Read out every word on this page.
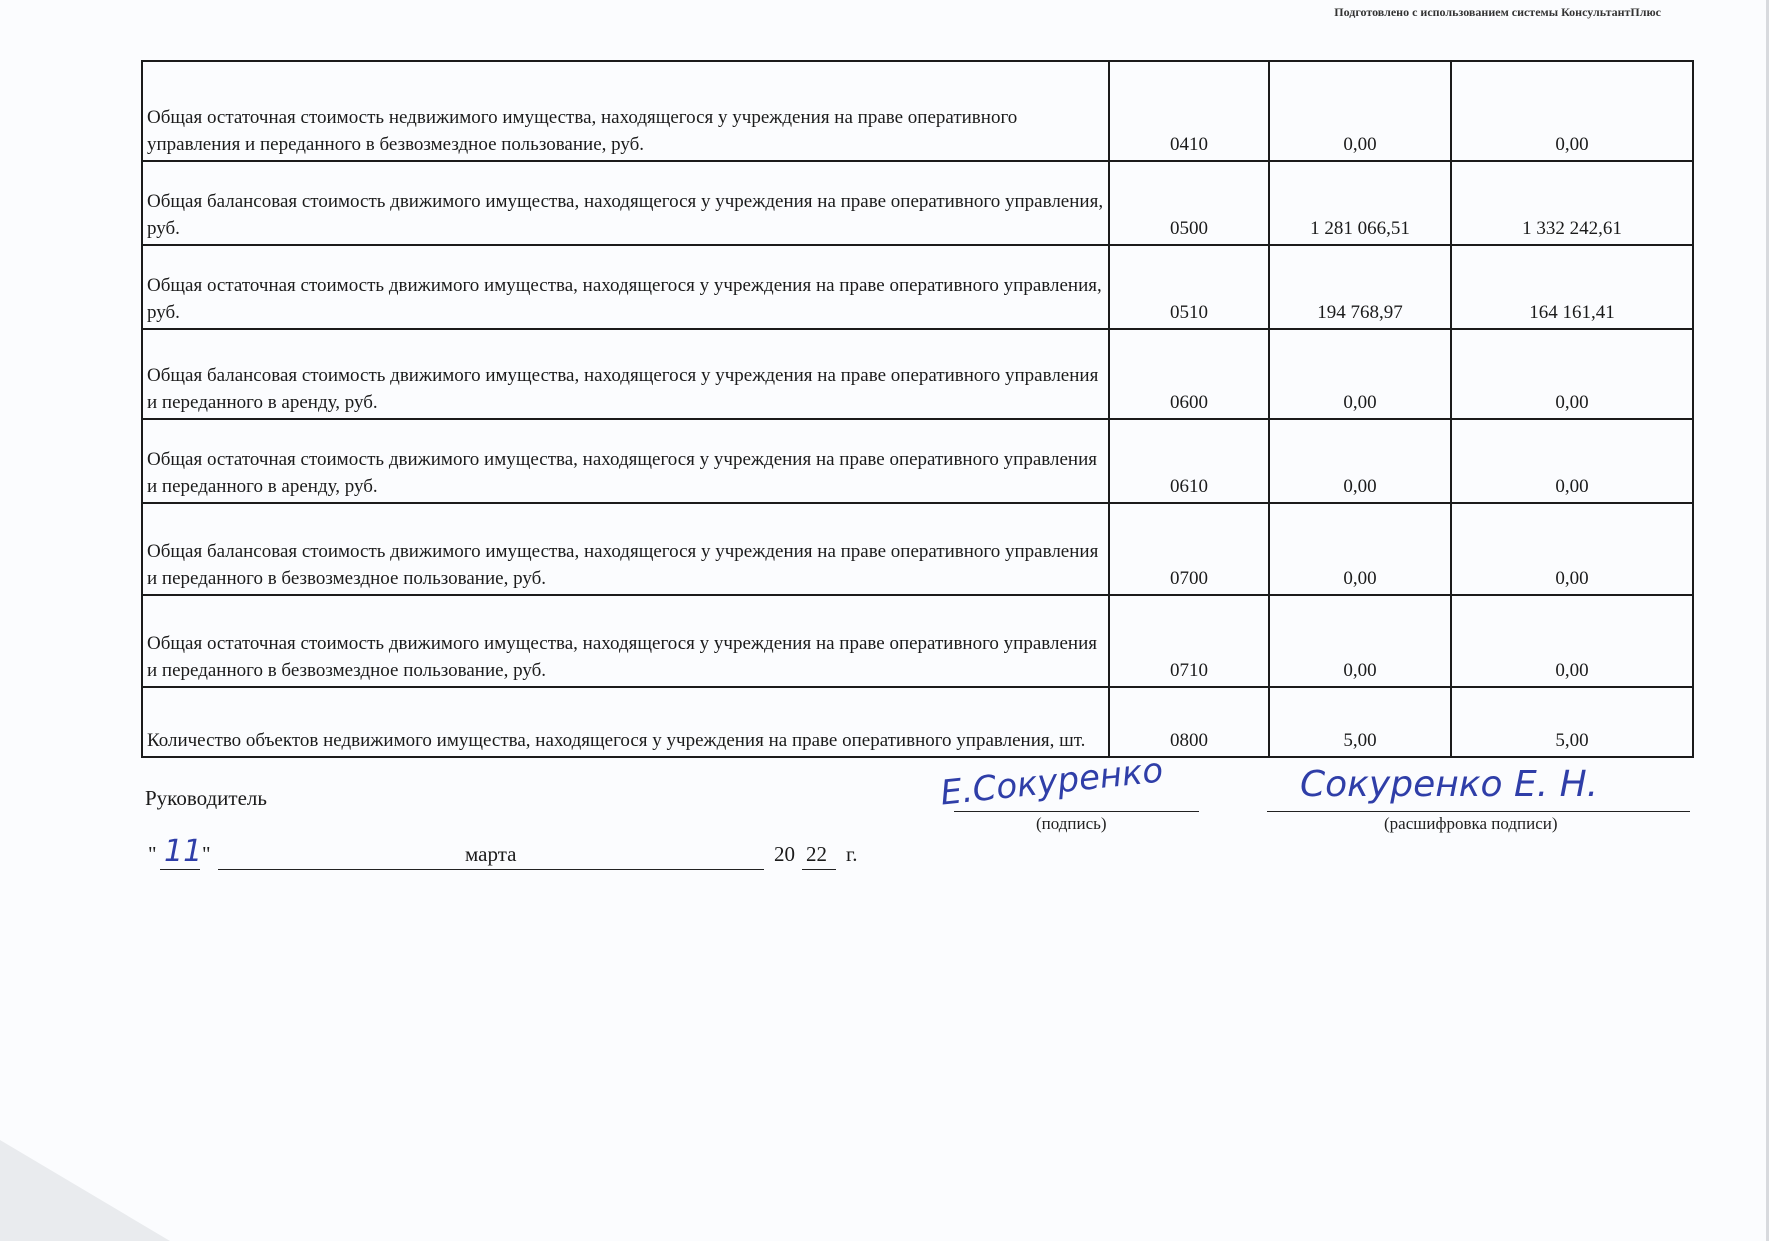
Подготовлено с использованием системы КонсультантПлюс
Общая остаточная стоимость недвижимого имущества, находящегося у учреждения на праве оперативного управления и переданного в безвозмездное пользование, руб.	0410	0,00	0,00
Общая балансовая стоимость движимого имущества, находящегося у учреждения на праве оперативного управления, руб.	0500	1 281 066,51	1 332 242,61
Общая остаточная стоимость движимого имущества, находящегося у учреждения на праве оперативного управления, руб.	0510	194 768,97	164 161,41
Общая балансовая стоимость движимого имущества, находящегося у учреждения на праве оперативного управления и переданного в аренду, руб.	0600	0,00	0,00
Общая остаточная стоимость движимого имущества, находящегося у учреждения на праве оперативного управления и переданного в аренду, руб.	0610	0,00	0,00
Общая балансовая стоимость движимого имущества, находящегося у учреждения на праве оперативного управления и переданного в безвозмездное пользование, руб.	0700	0,00	0,00
Общая остаточная стоимость движимого имущества, находящегося у учреждения на праве оперативного управления и переданного в безвозмездное пользование, руб.	0710	0,00	0,00
Количество объектов недвижимого имущества, находящегося у учреждения на праве оперативного управления, шт.	0800	5,00	5,00
Руководитель	Е.Сокуренко
(подпись)
Сокуренко Е. Н.
(расшифровка подписи)
" 11 "	марта	20 22 г.
